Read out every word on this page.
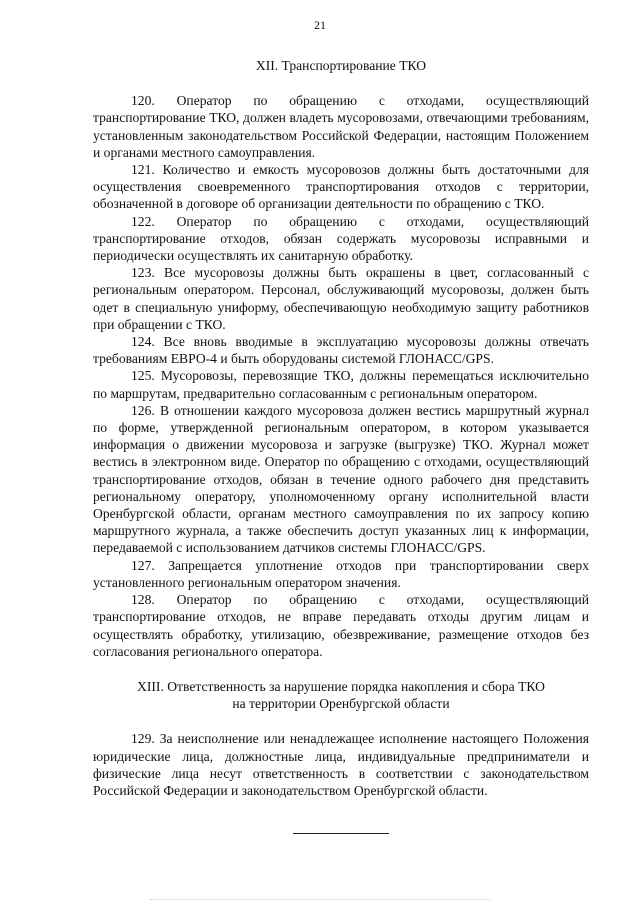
21
XII. Транспортирование ТКО

120. Оператор по обращению с отходами, осуществляющий транспортирование ТКО, должен владеть мусоровозами, отвечающими требованиям, установленным законодательством Российской Федерации, настоящим Положением и органами местного самоуправления.

121. Количество и емкость мусоровозов должны быть достаточными для осуществления своевременного транспортирования отходов с территории, обозначенной в договоре об организации деятельности по обращению с ТКО.

122. Оператор по обращению с отходами, осуществляющий транспортирование отходов, обязан содержать мусоровозы исправными и периодически осуществлять их санитарную обработку.

123. Все мусоровозы должны быть окрашены в цвет, согласованный с региональным оператором. Персонал, обслуживающий мусоровозы, должен быть одет в специальную униформу, обеспечивающую необходимую защиту работников при обращении с ТКО.

124. Все вновь вводимые в эксплуатацию мусоровозы должны отвечать требованиям ЕВРО-4 и быть оборудованы системой ГЛОНАСС/GPS.

125. Мусоровозы, перевозящие ТКО, должны перемещаться исключительно по маршрутам, предварительно согласованным с региональным оператором.

126. В отношении каждого мусоровоза должен вестись маршрутный журнал по форме, утвержденной региональным оператором, в котором указывается информация о движении мусоровоза и загрузке (выгрузке) ТКО. Журнал может вестись в электронном виде. Оператор по обращению с отходами, осуществляющий транспортирование отходов, обязан в течение одного рабочего дня представить региональному оператору, уполномоченному органу исполнительной власти Оренбургской области, органам местного самоуправления по их запросу копию маршрутного журнала, а также обеспечить доступ указанных лиц к информации, передаваемой с использованием датчиков системы ГЛОНАСС/GPS.

127. Запрещается уплотнение отходов при транспортировании сверх установленного региональным оператором значения.

128. Оператор по обращению с отходами, осуществляющий транспортирование отходов, не вправе передавать отходы другим лицам и осуществлять обработку, утилизацию, обезвреживание, размещение отходов без согласования регионального оператора.

XIII. Ответственность за нарушение порядка накопления и сбора ТКО
на территории Оренбургской области

129. За неисполнение или ненадлежащее исполнение настоящего Положения юридические лица, должностные лица, индивидуальные предприниматели и физические лица несут ответственность в соответствии с законодательством Российской Федерации и законодательством Оренбургской области.
